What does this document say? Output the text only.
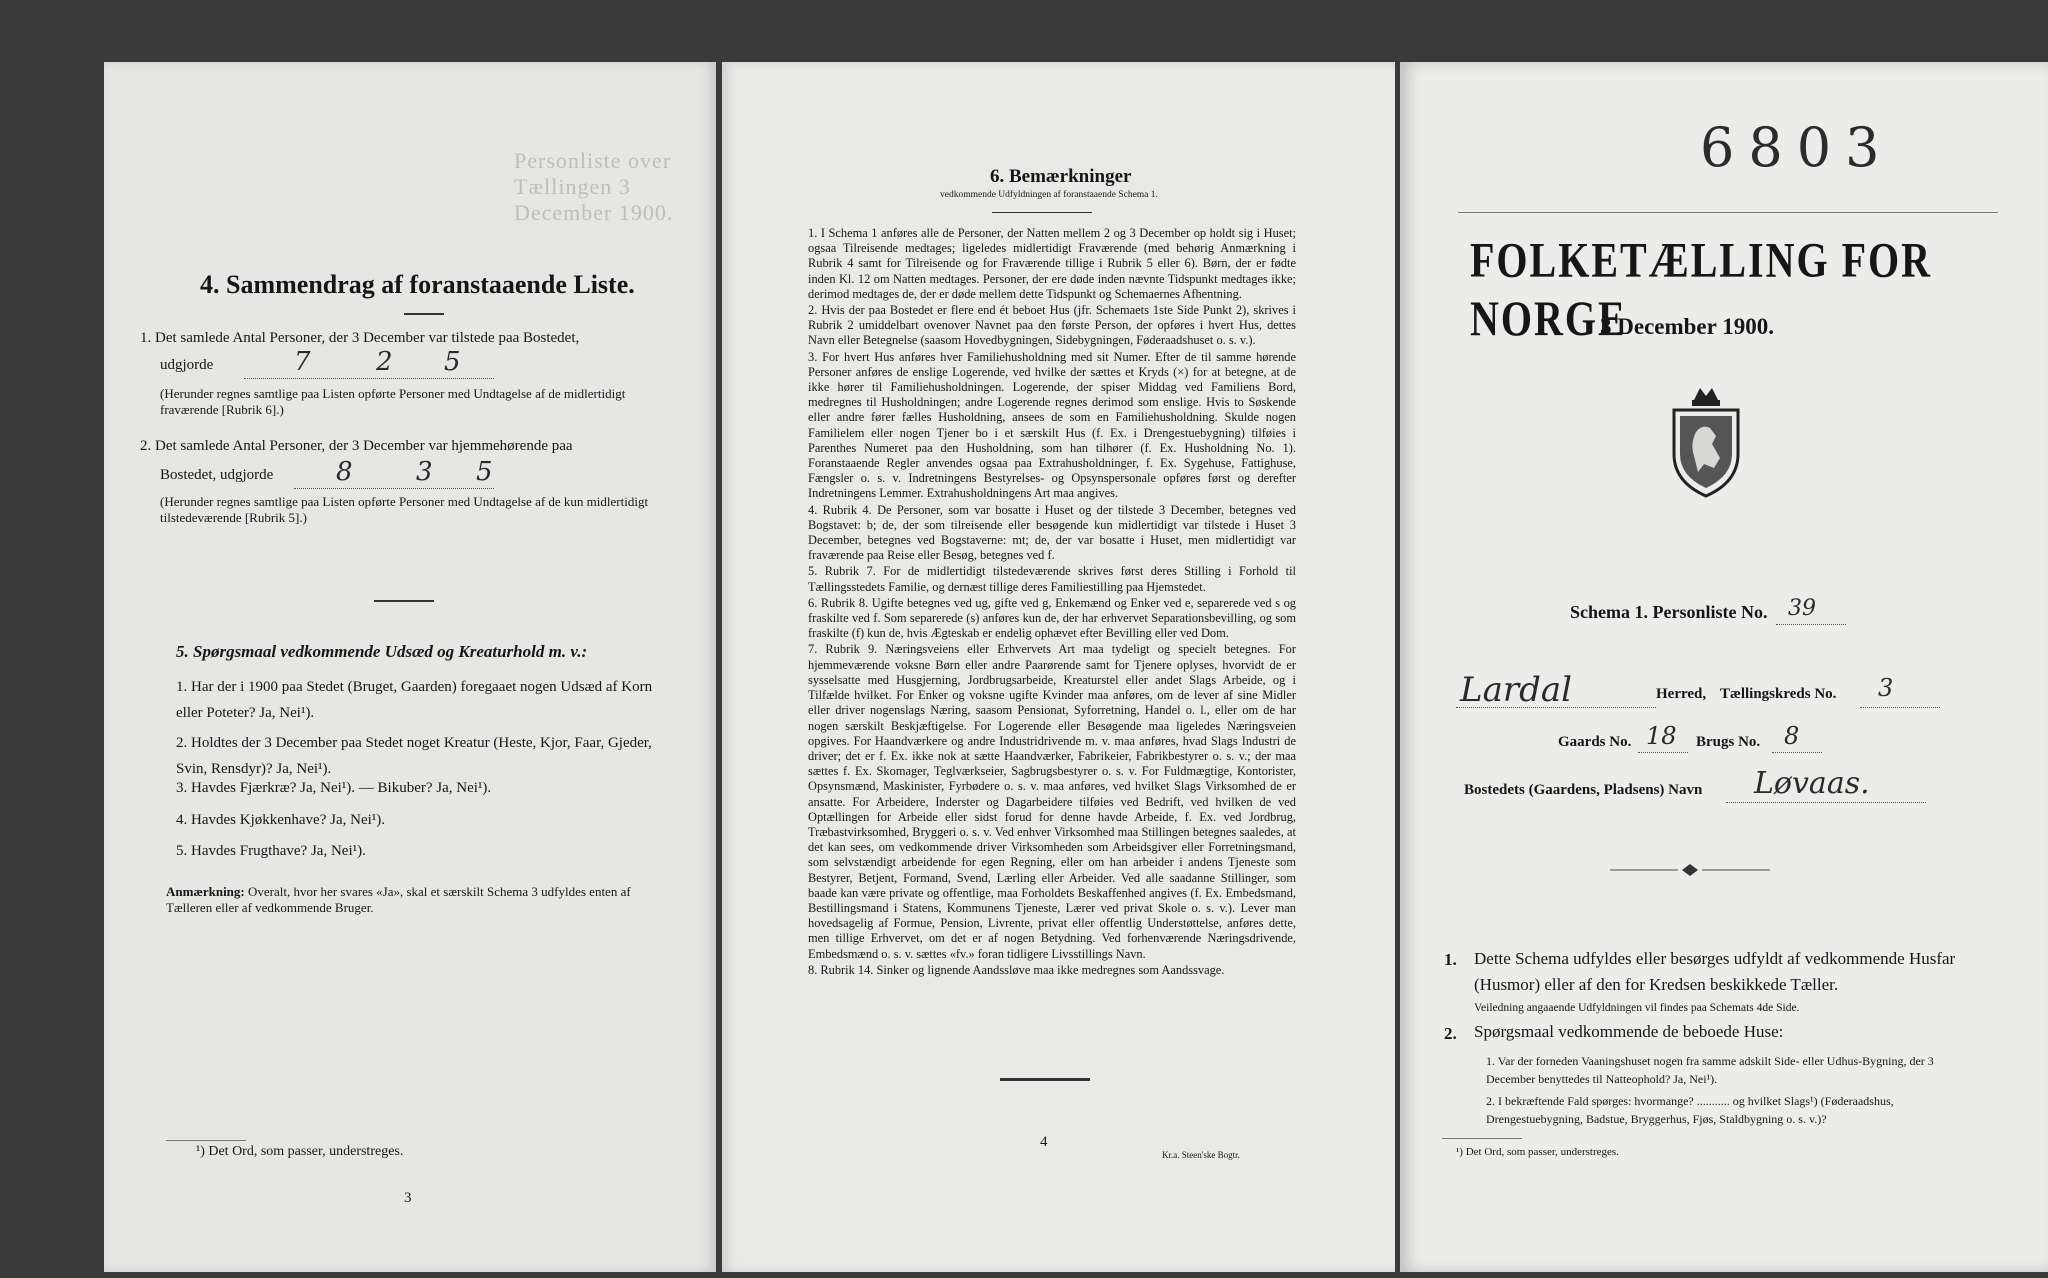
Personliste over Tællingen 3 December 1900.
4. Sammendrag af foranstaaende Liste.
1. Det samlede Antal Personer, der 3 December var tilstede paa Bostedet,
udgjorde	7	2 5
(Herunder regnes samtlige paa Listen opførte Personer med Undtagelse af de midlertidigt fraværende [Rubrik 6].)
2. Det samlede Antal Personer, der 3 December var hjemmehørende paa
Bostedet, udgjorde 8 3 5
(Herunder regnes samtlige paa Listen opførte Personer med Undtagelse af de kun midlertidigt tilstedeværende [Rubrik 5].)
5. Spørgsmaal vedkommende Udsæd og Kreaturhold m. v.:
1. Har der i 1900 paa Stedet (Bruget, Gaarden) foregaaet nogen Udsæd af Korn eller Poteter? Ja, Nei¹).
2. Holdtes der 3 December paa Stedet noget Kreatur (Heste, Kjor, Faar, Gjeder, Svin, Rensdyr)? Ja, Nei¹).
3. Havdes Fjærkræ? Ja, Nei¹). — Bikuber? Ja, Nei¹).
4. Havdes Kjøkkenhave? Ja, Nei¹).
5. Havdes Frugthave? Ja, Nei¹).
Anmærkning: Overalt, hvor her svares «Ja», skal et særskilt Schema 3 udfyldes enten af Tælleren eller af vedkommende Bruger.
¹) Det Ord, som passer, understreges.
3
6. Bemærkninger
vedkommende Udfyldningen af foranstaaende Schema 1.
1. I Schema 1 anføres alle de Personer, der Natten mellem 2 og 3 December op holdt sig i Huset; ogsaa Tilreisende medtages; ligeledes midlertidigt Fraværende (med behørig Anmærkning i Rubrik 4 samt for Tilreisende og for Fraværende tillige i Rubrik 5 eller 6). Børn, der er fødte inden Kl. 12 om Natten medtages. Personer, der ere døde inden nævnte Tidspunkt medtages ikke; derimod medtages de, der er døde mellem dette Tidspunkt og Schemaernes Afhentning.
2. Hvis der paa Bostedet er flere end ét beboet Hus (jfr. Schemaets 1ste Side Punkt 2), skrives i Rubrik 2 umiddelbart ovenover Navnet paa den første Person, der opføres i hvert Hus, dettes Navn eller Betegnelse (saasom Hovedbygningen, Sidebygningen, Føderaadshuset o. s. v.).
3. For hvert Hus anføres hver Familiehusholdning med sit Numer. Efter de til samme hørende Personer anføres de enslige Logerende, ved hvilke der sættes et Kryds (×) for at betegne, at de ikke hører til Familiehusholdningen. Logerende, der spiser Middag ved Familiens Bord, medregnes til Husholdningen; andre Logerende regnes derimod som enslige. Hvis to Søskende eller andre fører fælles Husholdning, ansees de som en Familiehusholdning. Skulde nogen Familielem eller nogen Tjener bo i et særskilt Hus (f. Ex. i Drengestuebygning) tilføies i Parenthes Numeret paa den Husholdning, som han tilhører (f. Ex. Husholdning No. 1). Foranstaaende Regler anvendes ogsaa paa Extrahusholdninger, f. Ex. Sygehuse, Fattighuse, Fængsler o. s. v. Indretningens Bestyrelses- og Opsynspersonale opføres først og derefter Indretningens Lemmer. Extrahusholdningens Art maa angives.
4. Rubrik 4. De Personer, som var bosatte i Huset og der tilstede 3 December, betegnes ved Bogstavet: b; de, der som tilreisende eller besøgende kun midlertidigt var tilstede i Huset 3 December, betegnes ved Bogstaverne: mt; de, der var bosatte i Huset, men midlertidigt var fraværende paa Reise eller Besøg, betegnes ved f.
5. Rubrik 7. For de midlertidigt tilstedeværende skrives først deres Stilling i Forhold til Tællingsstedets Familie, og dernæst tillige deres Familiestilling paa Hjemstedet.
6. Rubrik 8. Ugifte betegnes ved ug, gifte ved g, Enkemænd og Enker ved e, separerede ved s og fraskilte ved f. Som separerede (s) anføres kun de, der har erhvervet Separationsbevilling, og som fraskilte (f) kun de, hvis Ægteskab er endelig ophævet efter Bevilling eller ved Dom.
7. Rubrik 9. Næringsveiens eller Erhvervets Art maa tydeligt og specielt betegnes. For hjemmeværende voksne Børn eller andre Paarørende samt for Tjenere oplyses, hvorvidt de er sysselsatte med Husgjerning, Jordbrugsarbeide, Kreaturstel eller andet Slags Arbeide, og i Tilfælde hvilket. For Enker og voksne ugifte Kvinder maa anføres, om de lever af sine Midler eller driver nogenslags Næring, saasom Pensionat, Syforretning, Handel o. l., eller om de har nogen særskilt Beskjæftigelse. For Logerende eller Besøgende maa ligeledes Næringsveien opgives. For Haandværkere og andre Industridrivende m. v. maa anføres, hvad Slags Industri de driver; det er f. Ex. ikke nok at sætte Haandværker, Fabrikeier, Fabrikbestyrer o. s. v.; der maa sættes f. Ex. Skomager, Teglværkseier, Sagbrugsbestyrer o. s. v. For Fuldmægtige, Kontorister, Opsynsmænd, Maskinister, Fyrbødere o. s. v. maa anføres, ved hvilket Slags Virksomhed de er ansatte. For Arbeidere, Inderster og Dagarbeidere tilføies ved Bedrift, ved hvilken de ved Optællingen for Arbeide eller sidst forud for denne havde Arbeide, f. Ex. ved Jordbrug, Træbastvirksomhed, Bryggeri o. s. v. Ved enhver Virksomhed maa Stillingen betegnes saaledes, at det kan sees, om vedkommende driver Virksomheden som Arbeidsgiver eller Forretningsmand, som selvstændigt arbeidende for egen Regning, eller om han arbeider i andens Tjeneste som Bestyrer, Betjent, Formand, Svend, Lærling eller Arbeider. Ved alle saadanne Stillinger, som baade kan være private og offentlige, maa Forholdets Beskaffenhed angives (f. Ex. Embedsmand, Bestillingsmand i Statens, Kommunens Tjeneste, Lærer ved privat Skole o. s. v.). Lever man hovedsagelig af Formue, Pension, Livrente, privat eller offentlig Understøttelse, anføres dette, men tillige Erhvervet, om det er af nogen Betydning. Ved forhenværende Næringsdrivende, Embedsmænd o. s. v. sættes «fv.» foran tidligere Livsstillings Navn.
8. Rubrik 14. Sinker og lignende Aandssløve maa ikke medregnes som Aandssvage.
4
Kr.a. Steen'ske Bogtr.
6803
FOLKETÆLLING FOR NORGE
3 December 1900.
Schema 1. Personliste No. 39
Lardal	Herred, Tællingskreds No. 3
Gaards No. 18 Brugs No. 8
Bostedets (Gaardens, Pladsens) Navn Løvaas.
1. Dette Schema udfyldes eller besørges udfyldt af vedkommende Husfar (Husmor) eller af den for Kredsen beskikkede Tæller.
Veiledning angaaende Udfyldningen vil findes paa Schemats 4de Side.
2. Spørgsmaal vedkommende de beboede Huse:
1. Var der forneden Vaaningshuset nogen fra samme adskilt Side- eller Udhus-Bygning, der 3 December benyttedes til Natteophold? Ja, Nei¹).
2. I bekræftende Fald spørges: hvormange? ........... og hvilket Slags¹) (Føderaadshus, Drengestuebygning, Badstue, Bryggerhus, Fjøs, Staldbygning o. s. v.)?
¹) Det Ord, som passer, understreges.
